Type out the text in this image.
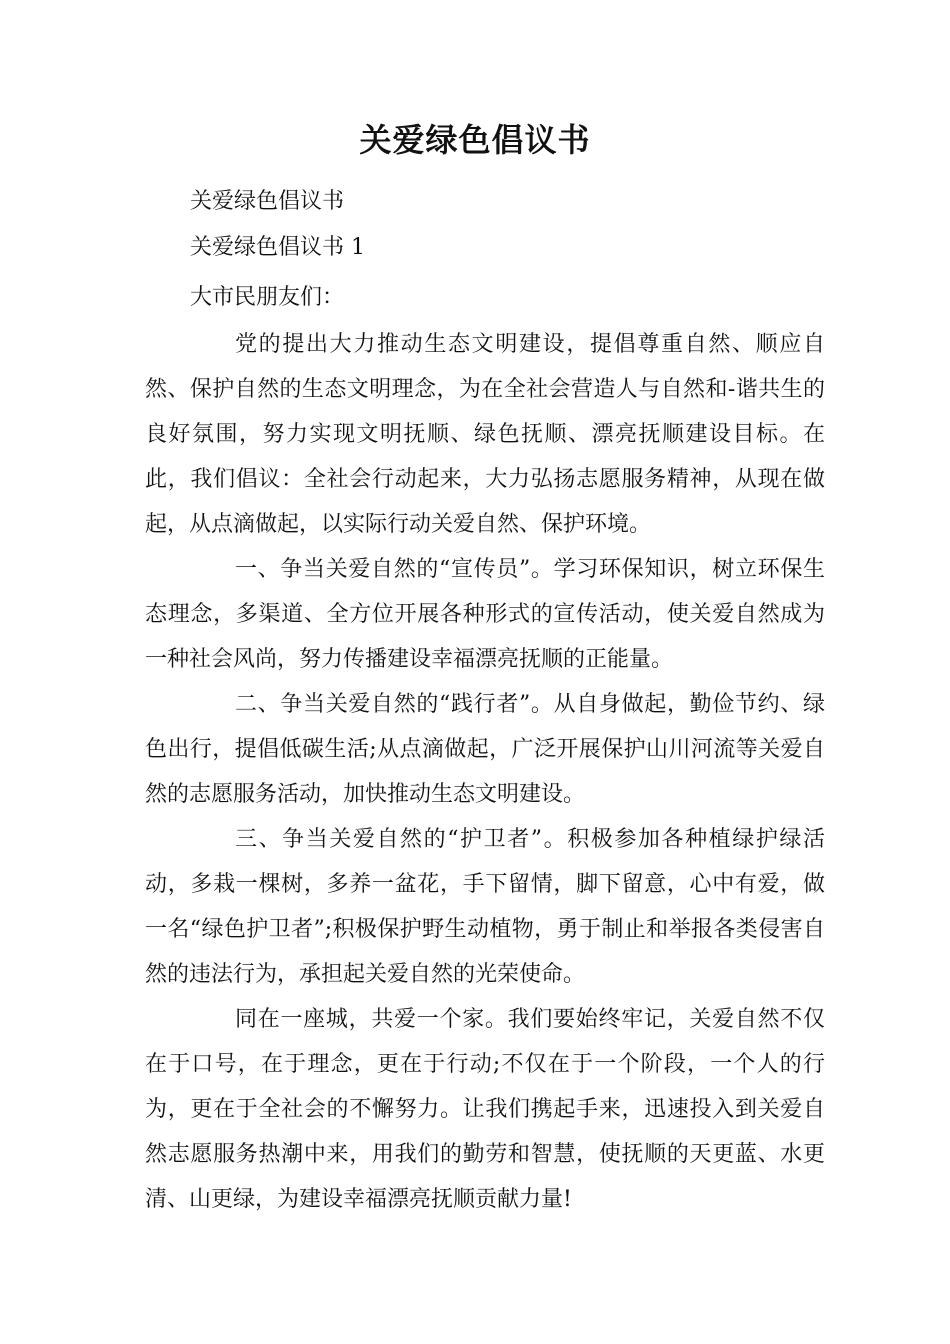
关爱绿色倡议书

关爱绿色倡议书

关爱绿色倡议书 1

大市民朋友们：

党的提出大力推动生态文明建设，提倡尊重自然、顺应自然、保护自然的生态文明理念，为在全社会营造人与自然和-谐共生的良好氛围，努力实现文明抚顺、绿色抚顺、漂亮抚顺建设目标。在此，我们倡议：全社会行动起来，大力弘扬志愿服务精神，从现在做起，从点滴做起，以实际行动关爱自然、保护环境。

一、争当关爱自然的“宣传员”。学习环保知识，树立环保生态理念，多渠道、全方位开展各种形式的宣传活动，使关爱自然成为一种社会风尚，努力传播建设幸福漂亮抚顺的正能量。

二、争当关爱自然的“践行者”。从自身做起，勤俭节约、绿色出行，提倡低碳生活;从点滴做起，广泛开展保护山川河流等关爱自然的志愿服务活动，加快推动生态文明建设。

三、争当关爱自然的“护卫者”。积极参加各种植绿护绿活动，多栽一棵树，多养一盆花，手下留情，脚下留意，心中有爱，做一名“绿色护卫者”;积极保护野生动植物，勇于制止和举报各类侵害自然的违法行为，承担起关爱自然的光荣使命。

同在一座城，共爱一个家。我们要始终牢记，关爱自然不仅在于口号，在于理念，更在于行动;不仅在于一个阶段，一个人的行为，更在于全社会的不懈努力。让我们携起手来，迅速投入到关爱自然志愿服务热潮中来，用我们的勤劳和智慧，使抚顺的天更蓝、水更清、山更绿，为建设幸福漂亮抚顺贡献力量!
